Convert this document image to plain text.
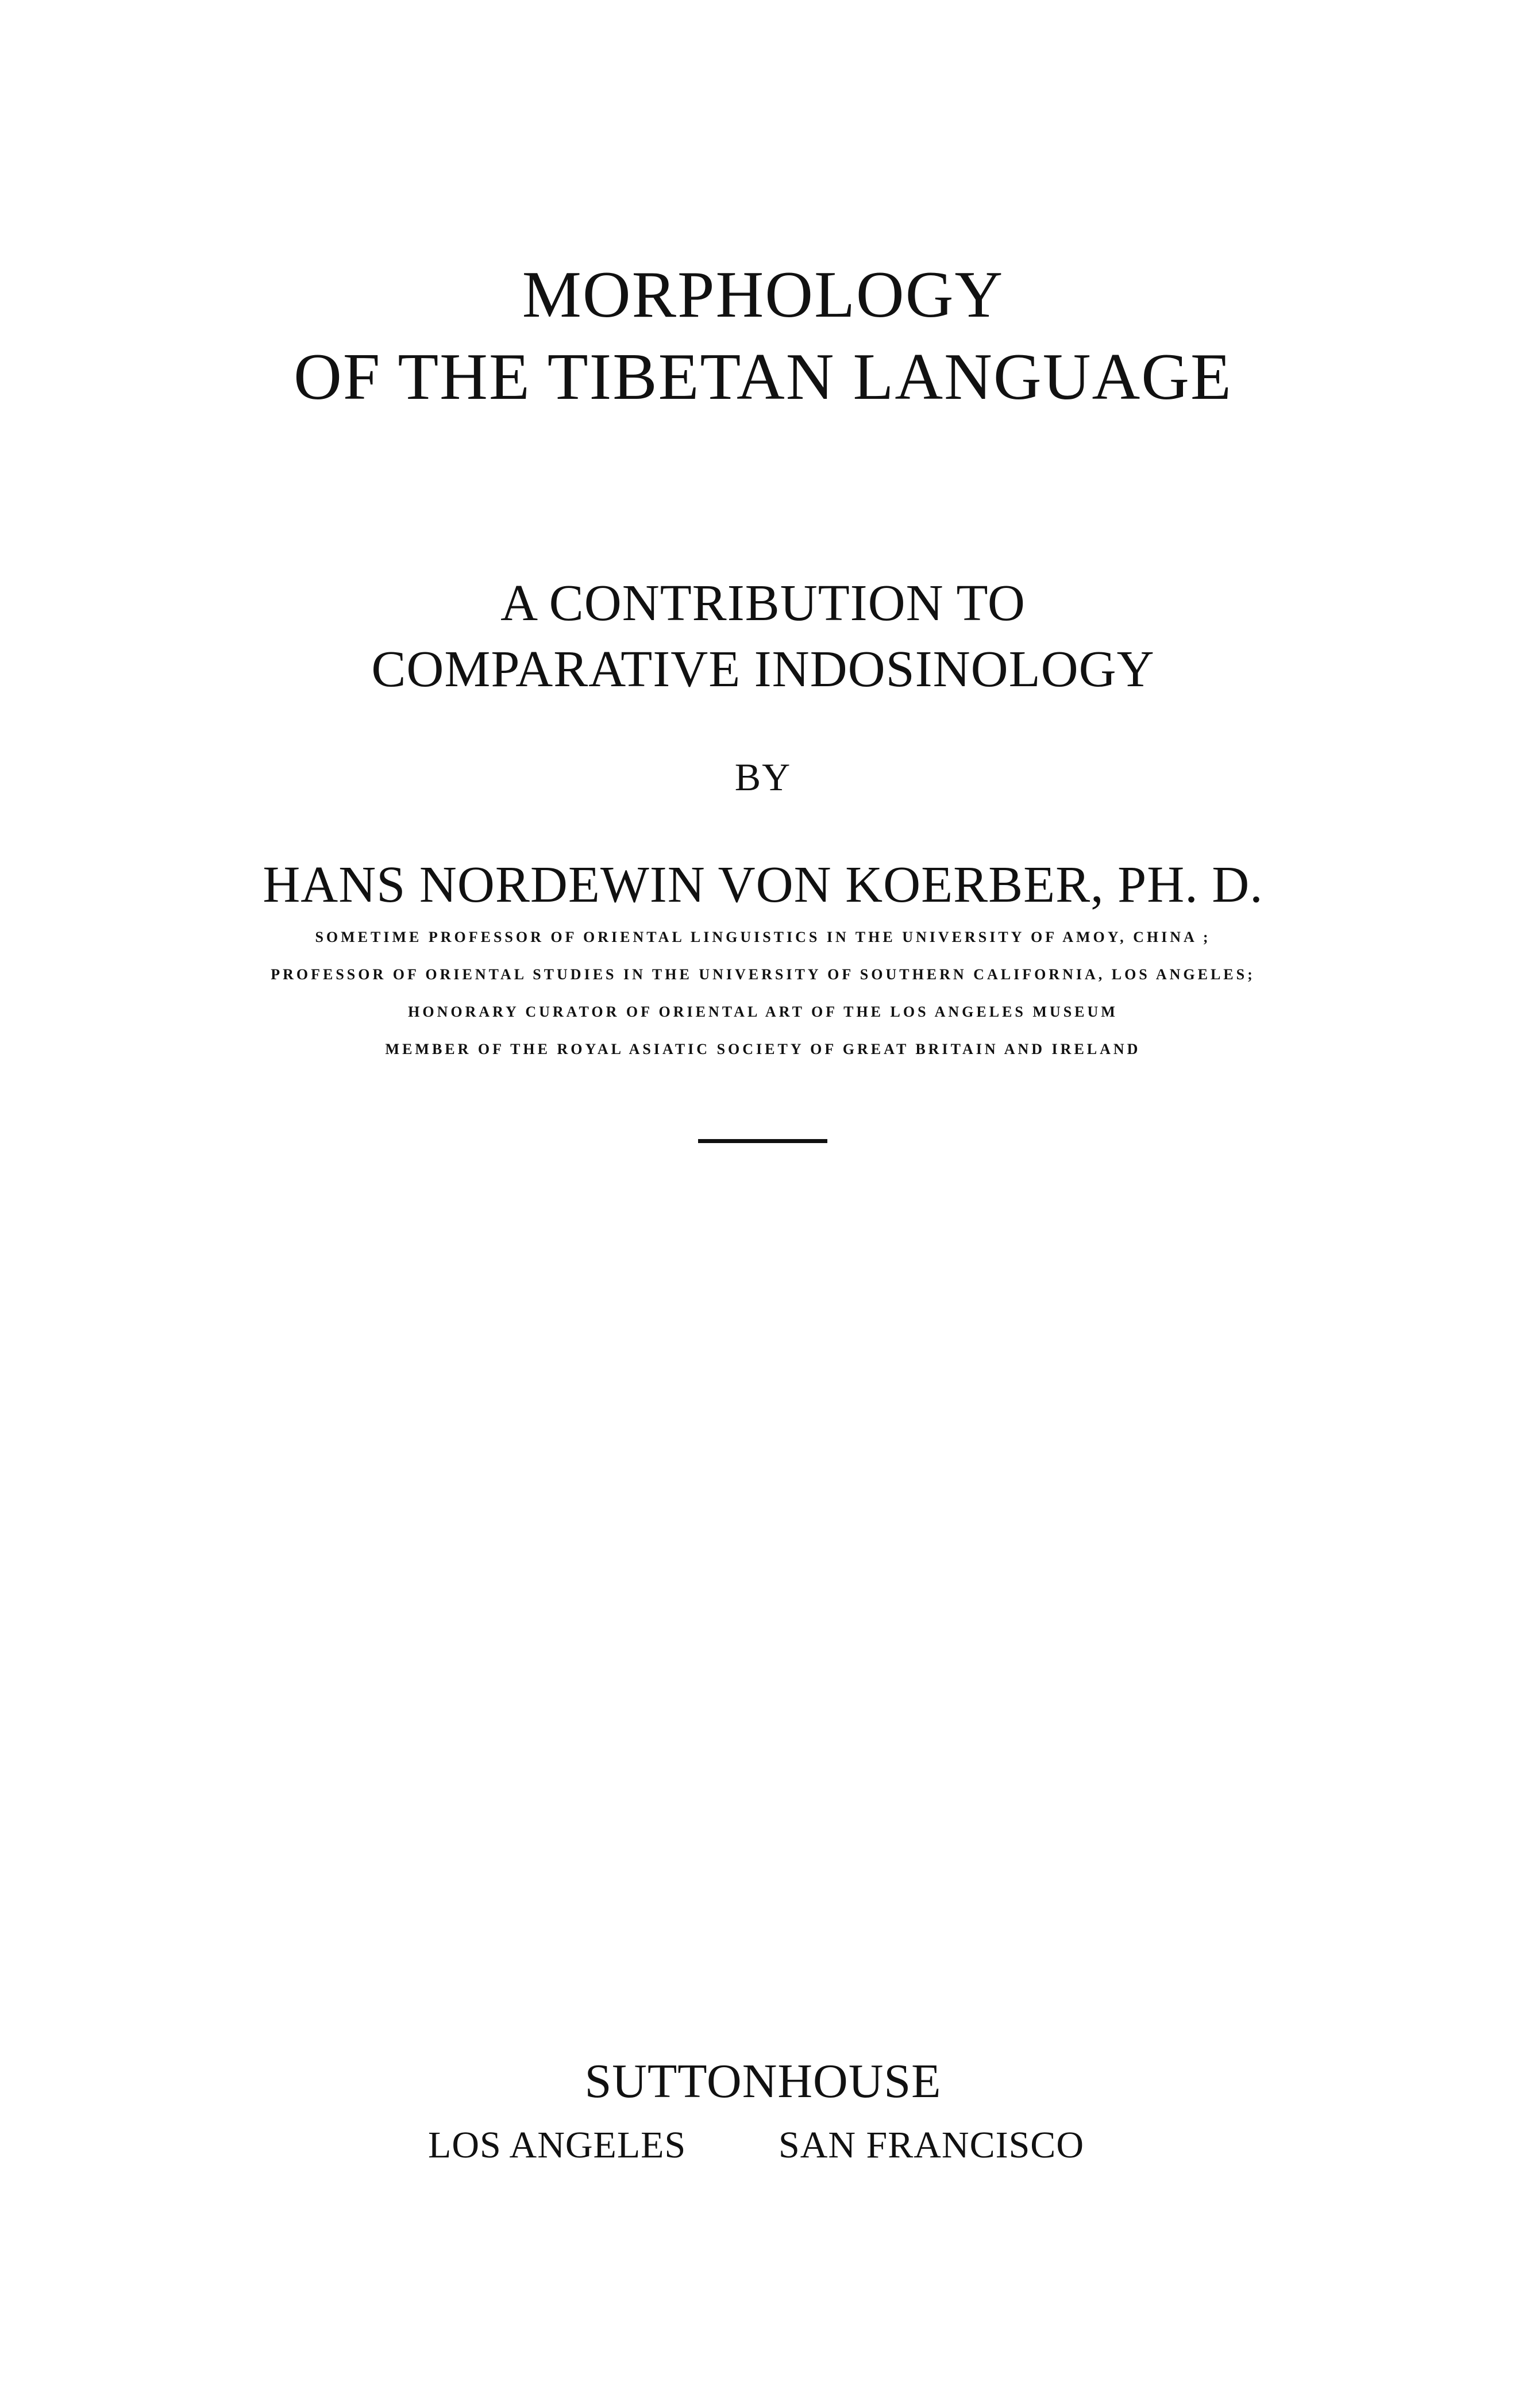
MORPHOLOGY
OF THE TIBETAN LANGUAGE
A CONTRIBUTION TO
COMPARATIVE INDOSINOLOGY
BY
HANS NORDEWIN VON KOERBER, PH. D.
SOMETIME PROFESSOR OF ORIENTAL LINGUISTICS IN THE UNIVERSITY OF AMOY, CHINA ;
PROFESSOR OF ORIENTAL STUDIES IN THE UNIVERSITY OF SOUTHERN CALIFORNIA, LOS ANGELES;
HONORARY CURATOR OF ORIENTAL ART OF THE LOS ANGELES MUSEUM
MEMBER OF THE ROYAL ASIATIC SOCIETY OF GREAT BRITAIN AND IRELAND
SUTTONHOUSE
LOS ANGELES SAN FRANCISCO
